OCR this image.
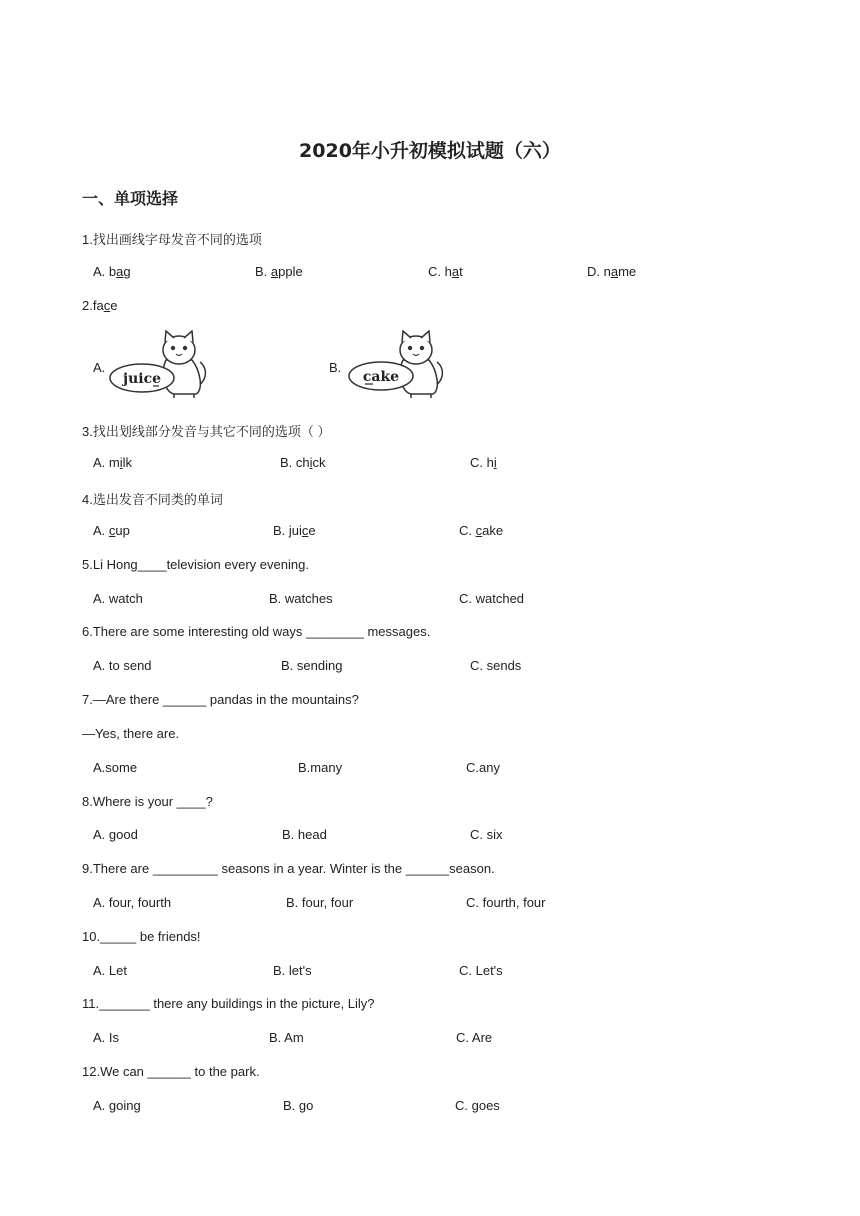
2020年小升初模拟试题（六）
一、单项选择
1.找出画线字母发音不同的选项
A. bag	B. apple	C. hat	D. name
2.face
A.	B.
juice	cake
3.找出划线部分发音与其它不同的选项（ ）
A. milk	B. chick	C. hi
4.选出发音不同类的单词
A. cup	B. juice	C. cake
5.Li Hong____television every evening.
A. watch	B. watches	C. watched
6.There are some interesting old ways ________ messages.
A. to send	B. sending	C. sends
7.—Are there ______ pandas in the mountains?
—Yes, there are.
A.some	B.many	C.any
8.Where is your ____?
A. good	B. head	C. six
9.There are _________ seasons in a year. Winter is the ______season.
A. four, fourth	B. four, four	C. fourth, four
10._____ be friends!
A. Let	B. let's	C. Let's
11._______ there any buildings in the picture, Lily?
A. Is	B. Am	C. Are
12.We can ______ to the park.
A. going	B. go	C. goes
